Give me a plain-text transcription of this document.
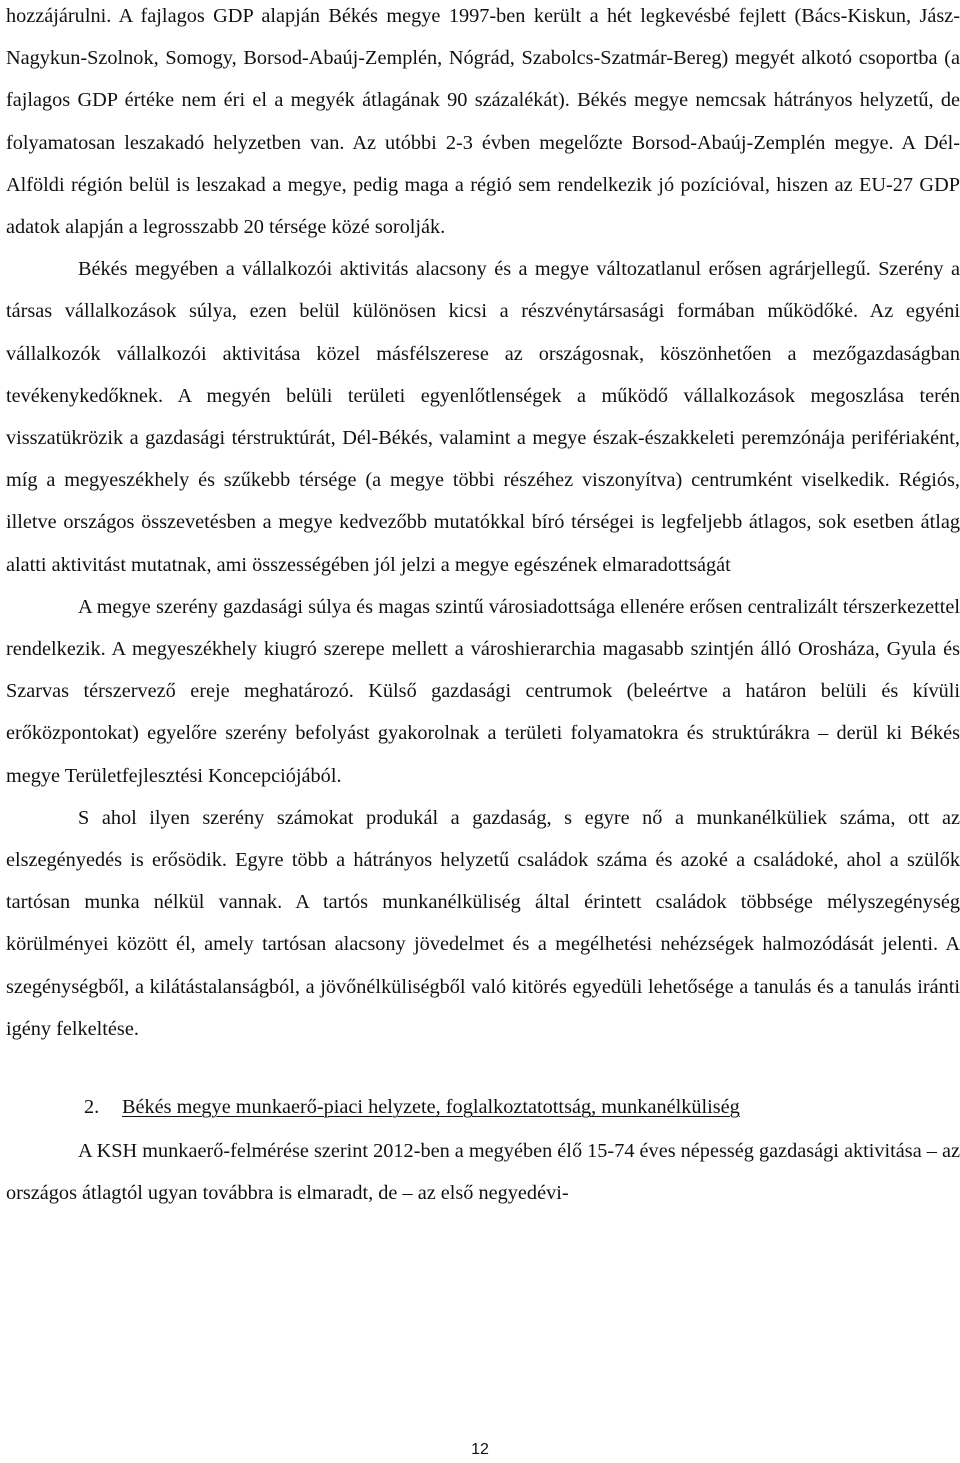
hozzájárulni. A fajlagos GDP alapján Békés megye 1997-ben került a hét legkevésbé fejlett (Bács-Kiskun, Jász-Nagykun-Szolnok, Somogy, Borsod-Abaúj-Zemplén, Nógrád, Szabolcs-Szatmár-Bereg) megyét alkotó csoportba (a fajlagos GDP értéke nem éri el a megyék átlagának 90 százalékát). Békés megye nemcsak hátrányos helyzetű, de folyamatosan leszakadó helyzetben van. Az utóbbi 2-3 évben megelőzte Borsod-Abaúj-Zemplén megye. A Dél-Alföldi régión belül is leszakad a megye, pedig maga a régió sem rendelkezik jó pozícióval, hiszen az EU-27 GDP adatok alapján a legrosszabb 20 térsége közé sorolják.

Békés megyében a vállalkozói aktivitás alacsony és a megye változatlanul erősen agrárjellegű. Szerény a társas vállalkozások súlya, ezen belül különösen kicsi a részvénytársasági formában működőké. Az egyéni vállalkozók vállalkozói aktivitása közel másfélszerese az országosnak, köszönhetően a mezőgazdaságban tevékenykedőknek. A megyén belüli területi egyenlőtlenségek a működő vállalkozások megoszlása terén visszatükrözik a gazdasági térstruktúrát, Dél-Békés, valamint a megye észak-északkeleti peremzónája perifériaként, míg a megyeszékhely és szűkebb térsége (a megye többi részéhez viszonyítva) centrumként viselkedik. Régiós, illetve országos összevetésben a megye kedvezőbb mutatókkal bíró térségei is legfeljebb átlagos, sok esetben átlag alatti aktivitást mutatnak, ami összességében jól jelzi a megye egészének elmaradottságát

A megye szerény gazdasági súlya és magas szintű városiadottsága ellenére erősen centralizált térszerkezettel rendelkezik. A megyeszékhely kiugró szerepe mellett a városhierarchia magasabb szintjén álló Orosháza, Gyula és Szarvas térszervező ereje meghatározó. Külső gazdasági centrumok (beleértve a határon belüli és kívüli erőközpontokat) egyelőre szerény befolyást gyakorolnak a területi folyamatokra és struktúrákra – derül ki Békés megye Területfejlesztési Koncepciójából.

S ahol ilyen szerény számokat produkál a gazdaság, s egyre nő a munkanélküliek száma, ott az elszegényedés is erősödik. Egyre több a hátrányos helyzetű családok száma és azoké a családoké, ahol a szülők tartósan munka nélkül vannak. A tartós munkanélküliség által érintett családok többsége mélyszegénység körülményei között él, amely tartósan alacsony jövedelmet és a megélhetési nehézségek halmozódását jelenti. A szegénységből, a kilátástalanságból, a jövőnélküliségből való kitörés egyedüli lehetősége a tanulás és a tanulás iránti igény felkeltése.

2.	Békés megye munkaerő-piaci helyzete, foglalkoztatottság, munkanélküliség

A KSH munkaerő-felmérése szerint 2012-ben a megyében élő 15-74 éves népesség gazdasági aktivitása – az országos átlagtól ugyan továbbra is elmaradt, de – az első negyedévi-

12
